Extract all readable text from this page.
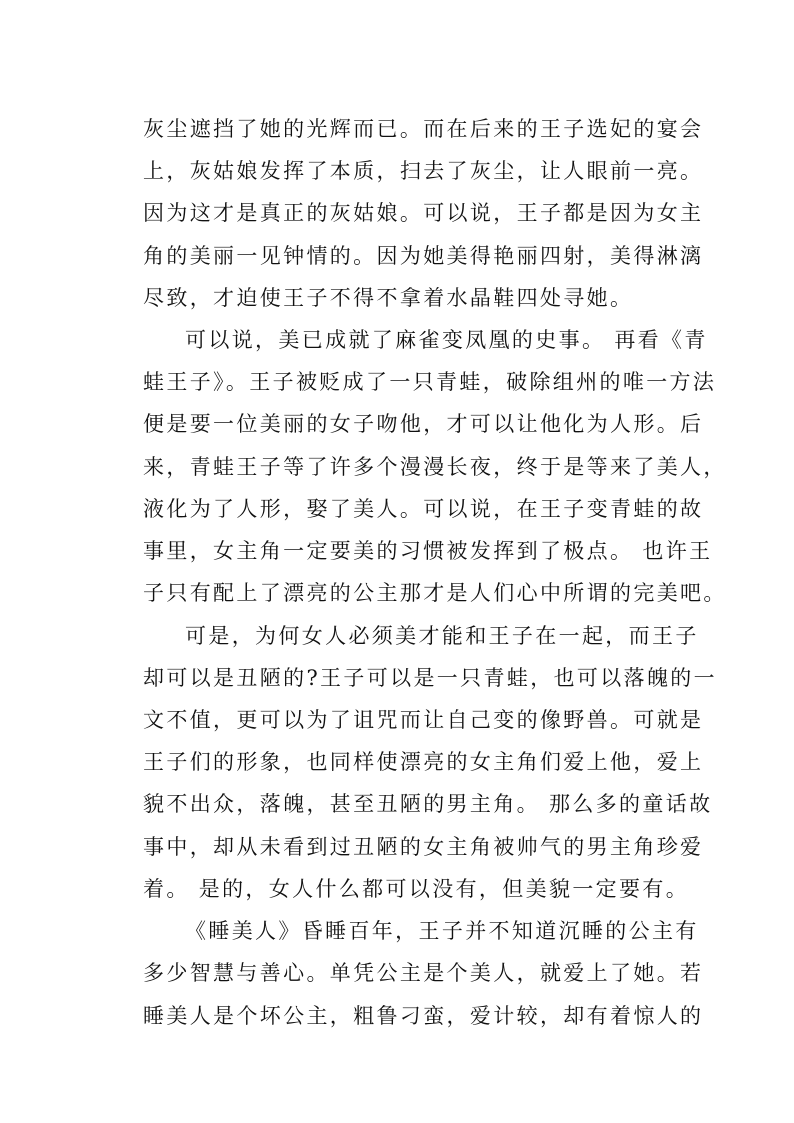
灰尘遮挡了她的光辉而已。而在后来的王子选妃的宴会
上，灰姑娘发挥了本质，扫去了灰尘，让人眼前一亮。
因为这才是真正的灰姑娘。可以说，王子都是因为女主
角的美丽一见钟情的。因为她美得艳丽四射，美得淋漓
尽致，才迫使王子不得不拿着水晶鞋四处寻她。
可以说，美已成就了麻雀变凤凰的史事。 再看《青
蛙王子》。王子被贬成了一只青蛙，破除组州的唯一方法
便是要一位美丽的女子吻他，才可以让他化为人形。后
来，青蛙王子等了许多个漫漫长夜，终于是等来了美人，
液化为了人形，娶了美人。可以说，在王子变青蛙的故
事里，女主角一定要美的习惯被发挥到了极点。 也许王
子只有配上了漂亮的公主那才是人们心中所谓的完美吧。
可是，为何女人必须美才能和王子在一起，而王子
却可以是丑陋的?王子可以是一只青蛙，也可以落魄的一
文不值，更可以为了诅咒而让自己变的像野兽。可就是
王子们的形象，也同样使漂亮的女主角们爱上他，爱上
貌不出众，落魄，甚至丑陋的男主角。 那么多的童话故
事中，却从未看到过丑陋的女主角被帅气的男主角珍爱
着。 是的，女人什么都可以没有，但美貌一定要有。
《睡美人》昏睡百年，王子并不知道沉睡的公主有
多少智慧与善心。单凭公主是个美人，就爱上了她。若
睡美人是个坏公主，粗鲁刁蛮，爱计较，却有着惊人的
